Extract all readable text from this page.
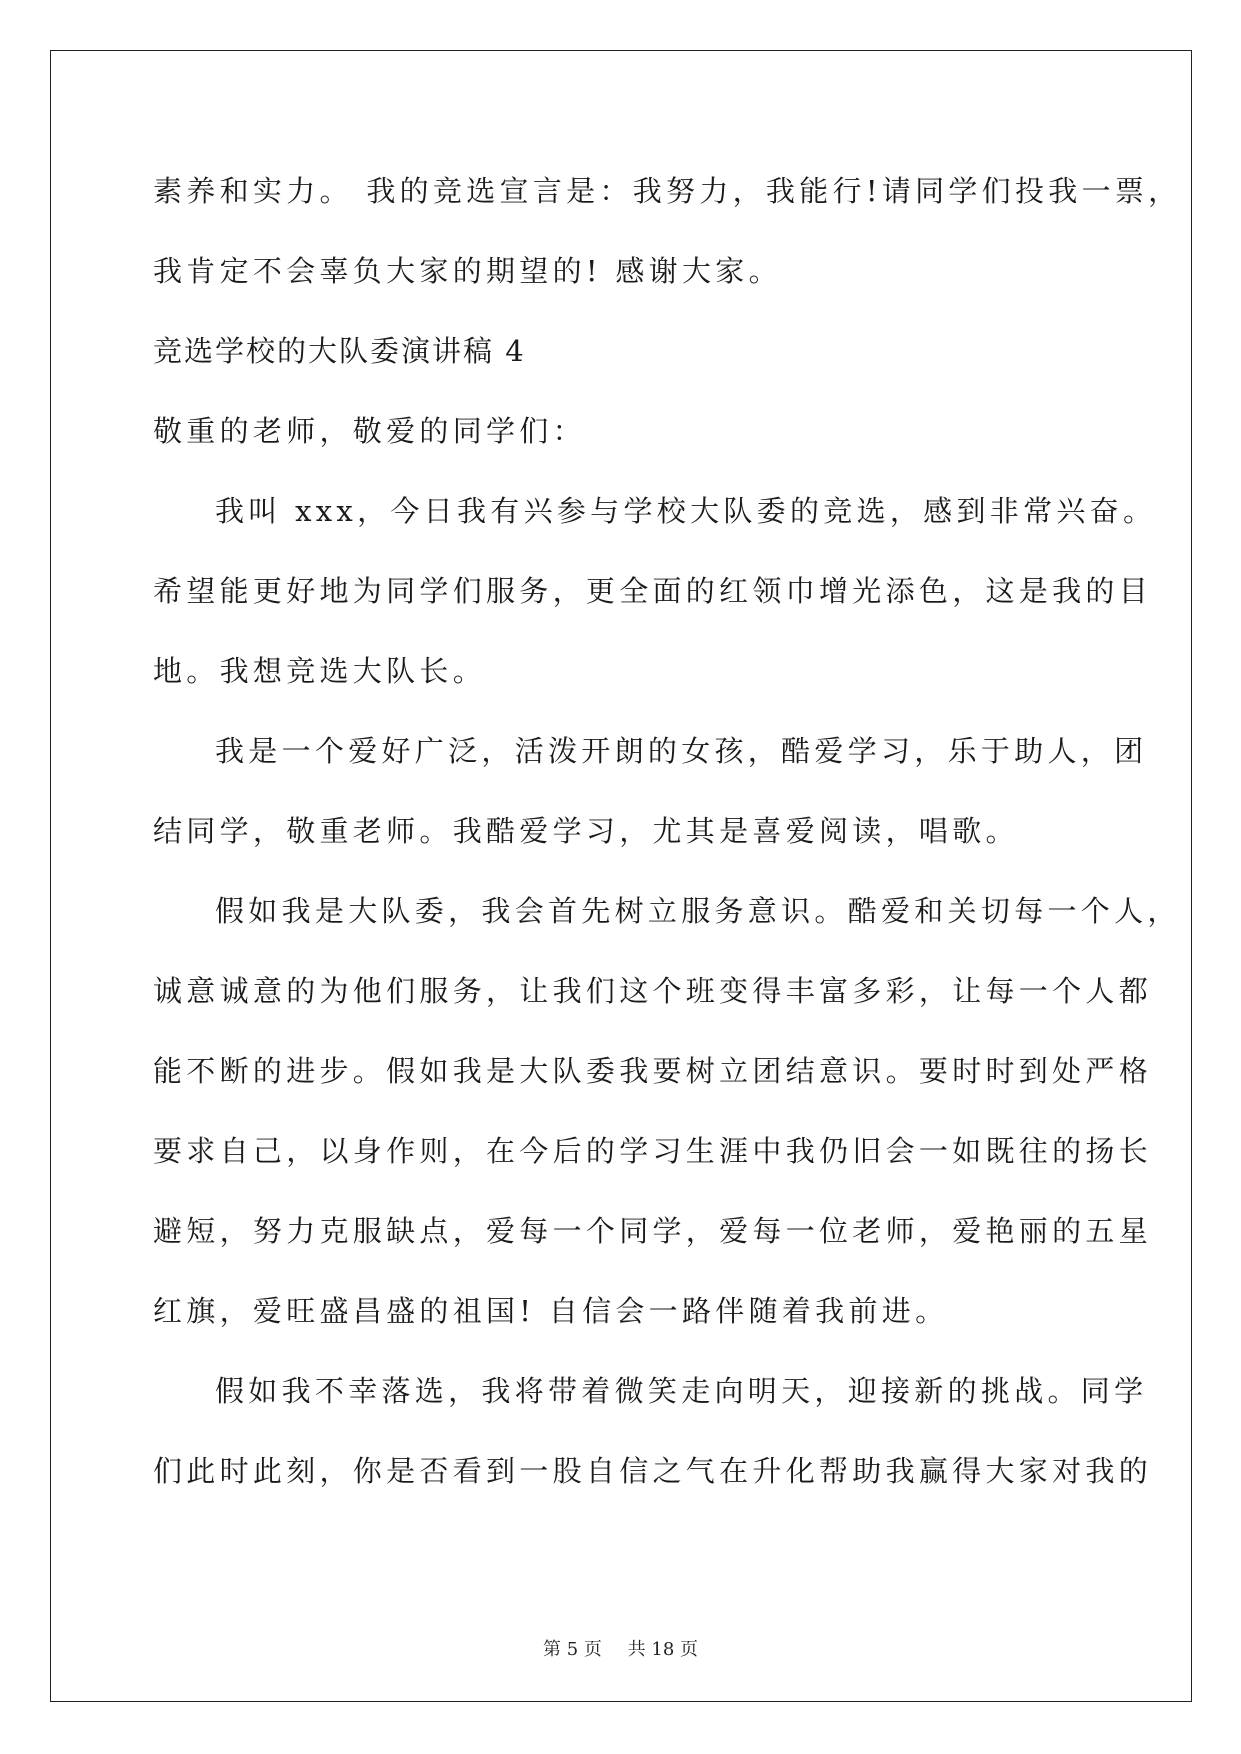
素养和实力。 我的竞选宣言是：我努力，我能行!请同学们投我一票，
我肯定不会辜负大家的期望的! 感谢大家。
竞选学校的大队委演讲稿 4
敬重的老师，敬爱的同学们：
我叫 xxx，今日我有兴参与学校大队委的竞选，感到非常兴奋。
希望能更好地为同学们服务，更全面的红领巾增光添色，这是我的目
地。我想竞选大队长。
我是一个爱好广泛，活泼开朗的女孩，酷爱学习，乐于助人，团
结同学，敬重老师。我酷爱学习，尤其是喜爱阅读，唱歌。
假如我是大队委，我会首先树立服务意识。酷爱和关切每一个人，
诚意诚意的为他们服务，让我们这个班变得丰富多彩，让每一个人都
能不断的进步。假如我是大队委我要树立团结意识。要时时到处严格
要求自己，以身作则，在今后的学习生涯中我仍旧会一如既往的扬长
避短，努力克服缺点，爱每一个同学，爱每一位老师，爱艳丽的五星
红旗，爱旺盛昌盛的祖国! 自信会一路伴随着我前进。
假如我不幸落选，我将带着微笑走向明天，迎接新的挑战。同学
们此时此刻，你是否看到一股自信之气在升化帮助我赢得大家对我的
第 5 页 共 18 页
